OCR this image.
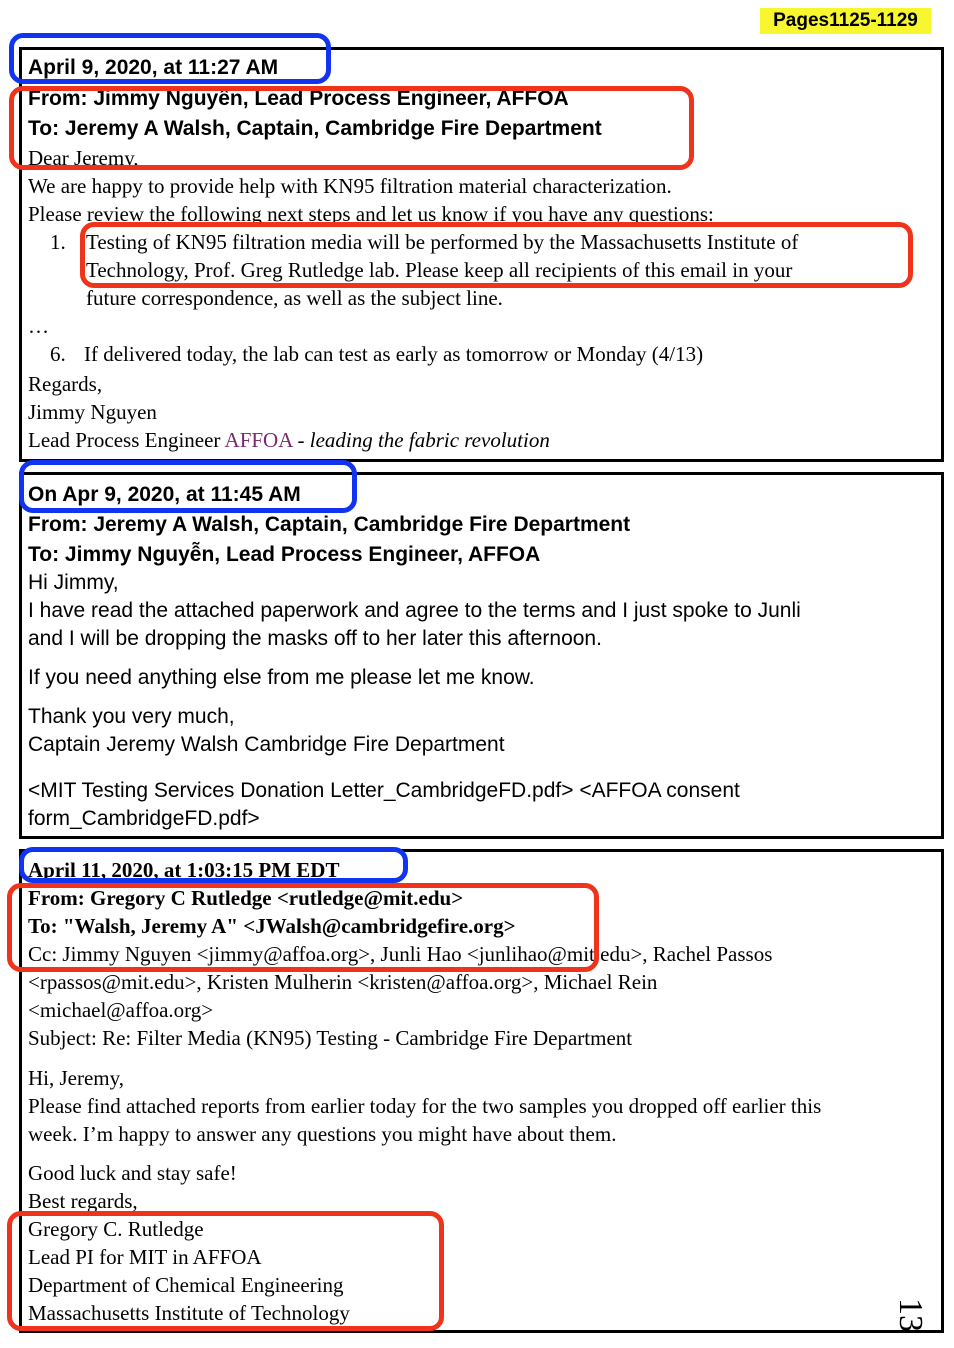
Pages1125-1129
April 9, 2020, at 11:27 AM
From: Jimmy Nguyên, Lead Process Engineer, AFFOA
To: Jeremy A Walsh, Captain, Cambridge Fire Department
Dear Jeremy,
We are happy to provide help with KN95 filtration material characterization.
Please review the following next steps and let us know if you have any questions:
1. Testing of KN95 filtration media will be performed by the Massachusetts Institute of
Technology, Prof. Greg Rutledge lab. Please keep all recipients of this email in your
future correspondence, as well as the subject line.
…
6. If delivered today, the lab can test as early as tomorrow or Monday (4/13)
Regards,
Jimmy Nguyen
Lead Process Engineer AFFOA - leading the fabric revolution
On Apr 9, 2020, at 11:45 AM
From: Jeremy A Walsh, Captain, Cambridge Fire Department
To: Jimmy Nguyễn, Lead Process Engineer, AFFOA
Hi Jimmy,
I have read the attached paperwork and agree to the terms and I just spoke to Junli
and I will be dropping the masks off to her later this afternoon.
If you need anything else from me please let me know.
Thank you very much,
Captain Jeremy Walsh Cambridge Fire Department
<MIT Testing Services Donation Letter_CambridgeFD.pdf> <AFFOA consent
form_CambridgeFD.pdf>
April 11, 2020, at 1:03:15 PM EDT
From: Gregory C Rutledge <rutledge@mit.edu>
To: "Walsh, Jeremy A" <JWalsh@cambridgefire.org>
Cc: Jimmy Nguyen <jimmy@affoa.org>, Junli Hao <junlihao@mit.edu>, Rachel Passos
<rpassos@mit.edu>, Kristen Mulherin <kristen@affoa.org>, Michael Rein
<michael@affoa.org>
Subject: Re: Filter Media (KN95) Testing - Cambridge Fire Department
Hi, Jeremy,
Please find attached reports from earlier today for the two samples you dropped off earlier this
week. I’m happy to answer any questions you might have about them.
Good luck and stay safe!
Best regards,
Gregory C. Rutledge
Lead PI for MIT in AFFOA
Department of Chemical Engineering
Massachusetts Institute of Technology	13
